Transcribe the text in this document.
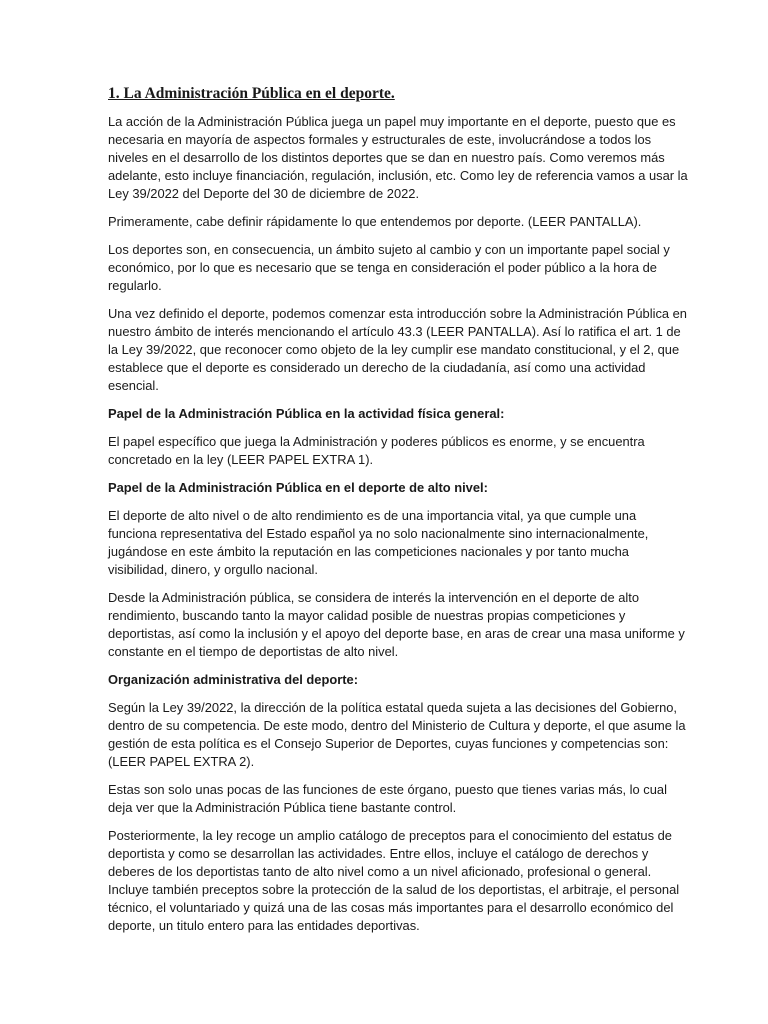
1. La Administración Pública en el deporte.

La acción de la Administración Pública juega un papel muy importante en el deporte, puesto que es necesaria en mayoría de aspectos formales y estructurales de este, involucrándose a todos los niveles en el desarrollo de los distintos deportes que se dan en nuestro país. Como veremos más adelante, esto incluye financiación, regulación, inclusión, etc. Como ley de referencia vamos a usar la Ley 39/2022 del Deporte del 30 de diciembre de 2022.

Primeramente, cabe definir rápidamente lo que entendemos por deporte. (LEER PANTALLA).

Los deportes son, en consecuencia, un ámbito sujeto al cambio y con un importante papel social y económico, por lo que es necesario que se tenga en consideración el poder público a la hora de regularlo.

Una vez definido el deporte, podemos comenzar esta introducción sobre la Administración Pública en nuestro ámbito de interés mencionando el artículo 43.3 (LEER PANTALLA). Así lo ratifica el art. 1 de la Ley 39/2022, que reconocer como objeto de la ley cumplir ese mandato constitucional, y el 2, que establece que el deporte es considerado un derecho de la ciudadanía, así como una actividad esencial.

Papel de la Administración Pública en la actividad física general:

El papel específico que juega la Administración y poderes públicos es enorme, y se encuentra concretado en la ley (LEER PAPEL EXTRA 1).

Papel de la Administración Pública en el deporte de alto nivel:

El deporte de alto nivel o de alto rendimiento es de una importancia vital, ya que cumple una funciona representativa del Estado español ya no solo nacionalmente sino internacionalmente, jugándose en este ámbito la reputación en las competiciones nacionales y por tanto mucha visibilidad, dinero, y orgullo nacional.

Desde la Administración pública, se considera de interés la intervención en el deporte de alto rendimiento, buscando tanto la mayor calidad posible de nuestras propias competiciones y deportistas, así como la inclusión y el apoyo del deporte base, en aras de crear una masa uniforme y constante en el tiempo de deportistas de alto nivel.

Organización administrativa del deporte:

Según la Ley 39/2022, la dirección de la política estatal queda sujeta a las decisiones del Gobierno, dentro de su competencia. De este modo, dentro del Ministerio de Cultura y deporte, el que asume la gestión de esta política es el Consejo Superior de Deportes, cuyas funciones y competencias son: (LEER PAPEL EXTRA 2).

Estas son solo unas pocas de las funciones de este órgano, puesto que tienes varias más, lo cual deja ver que la Administración Pública tiene bastante control.

Posteriormente, la ley recoge un amplio catálogo de preceptos para el conocimiento del estatus de deportista y como se desarrollan las actividades. Entre ellos, incluye el catálogo de derechos y deberes de los deportistas tanto de alto nivel como a un nivel aficionado, profesional o general. Incluye también preceptos sobre la protección de la salud de los deportistas, el arbitraje, el personal técnico, el voluntariado y quizá una de las cosas más importantes para el desarrollo económico del deporte, un titulo entero para las entidades deportivas.
